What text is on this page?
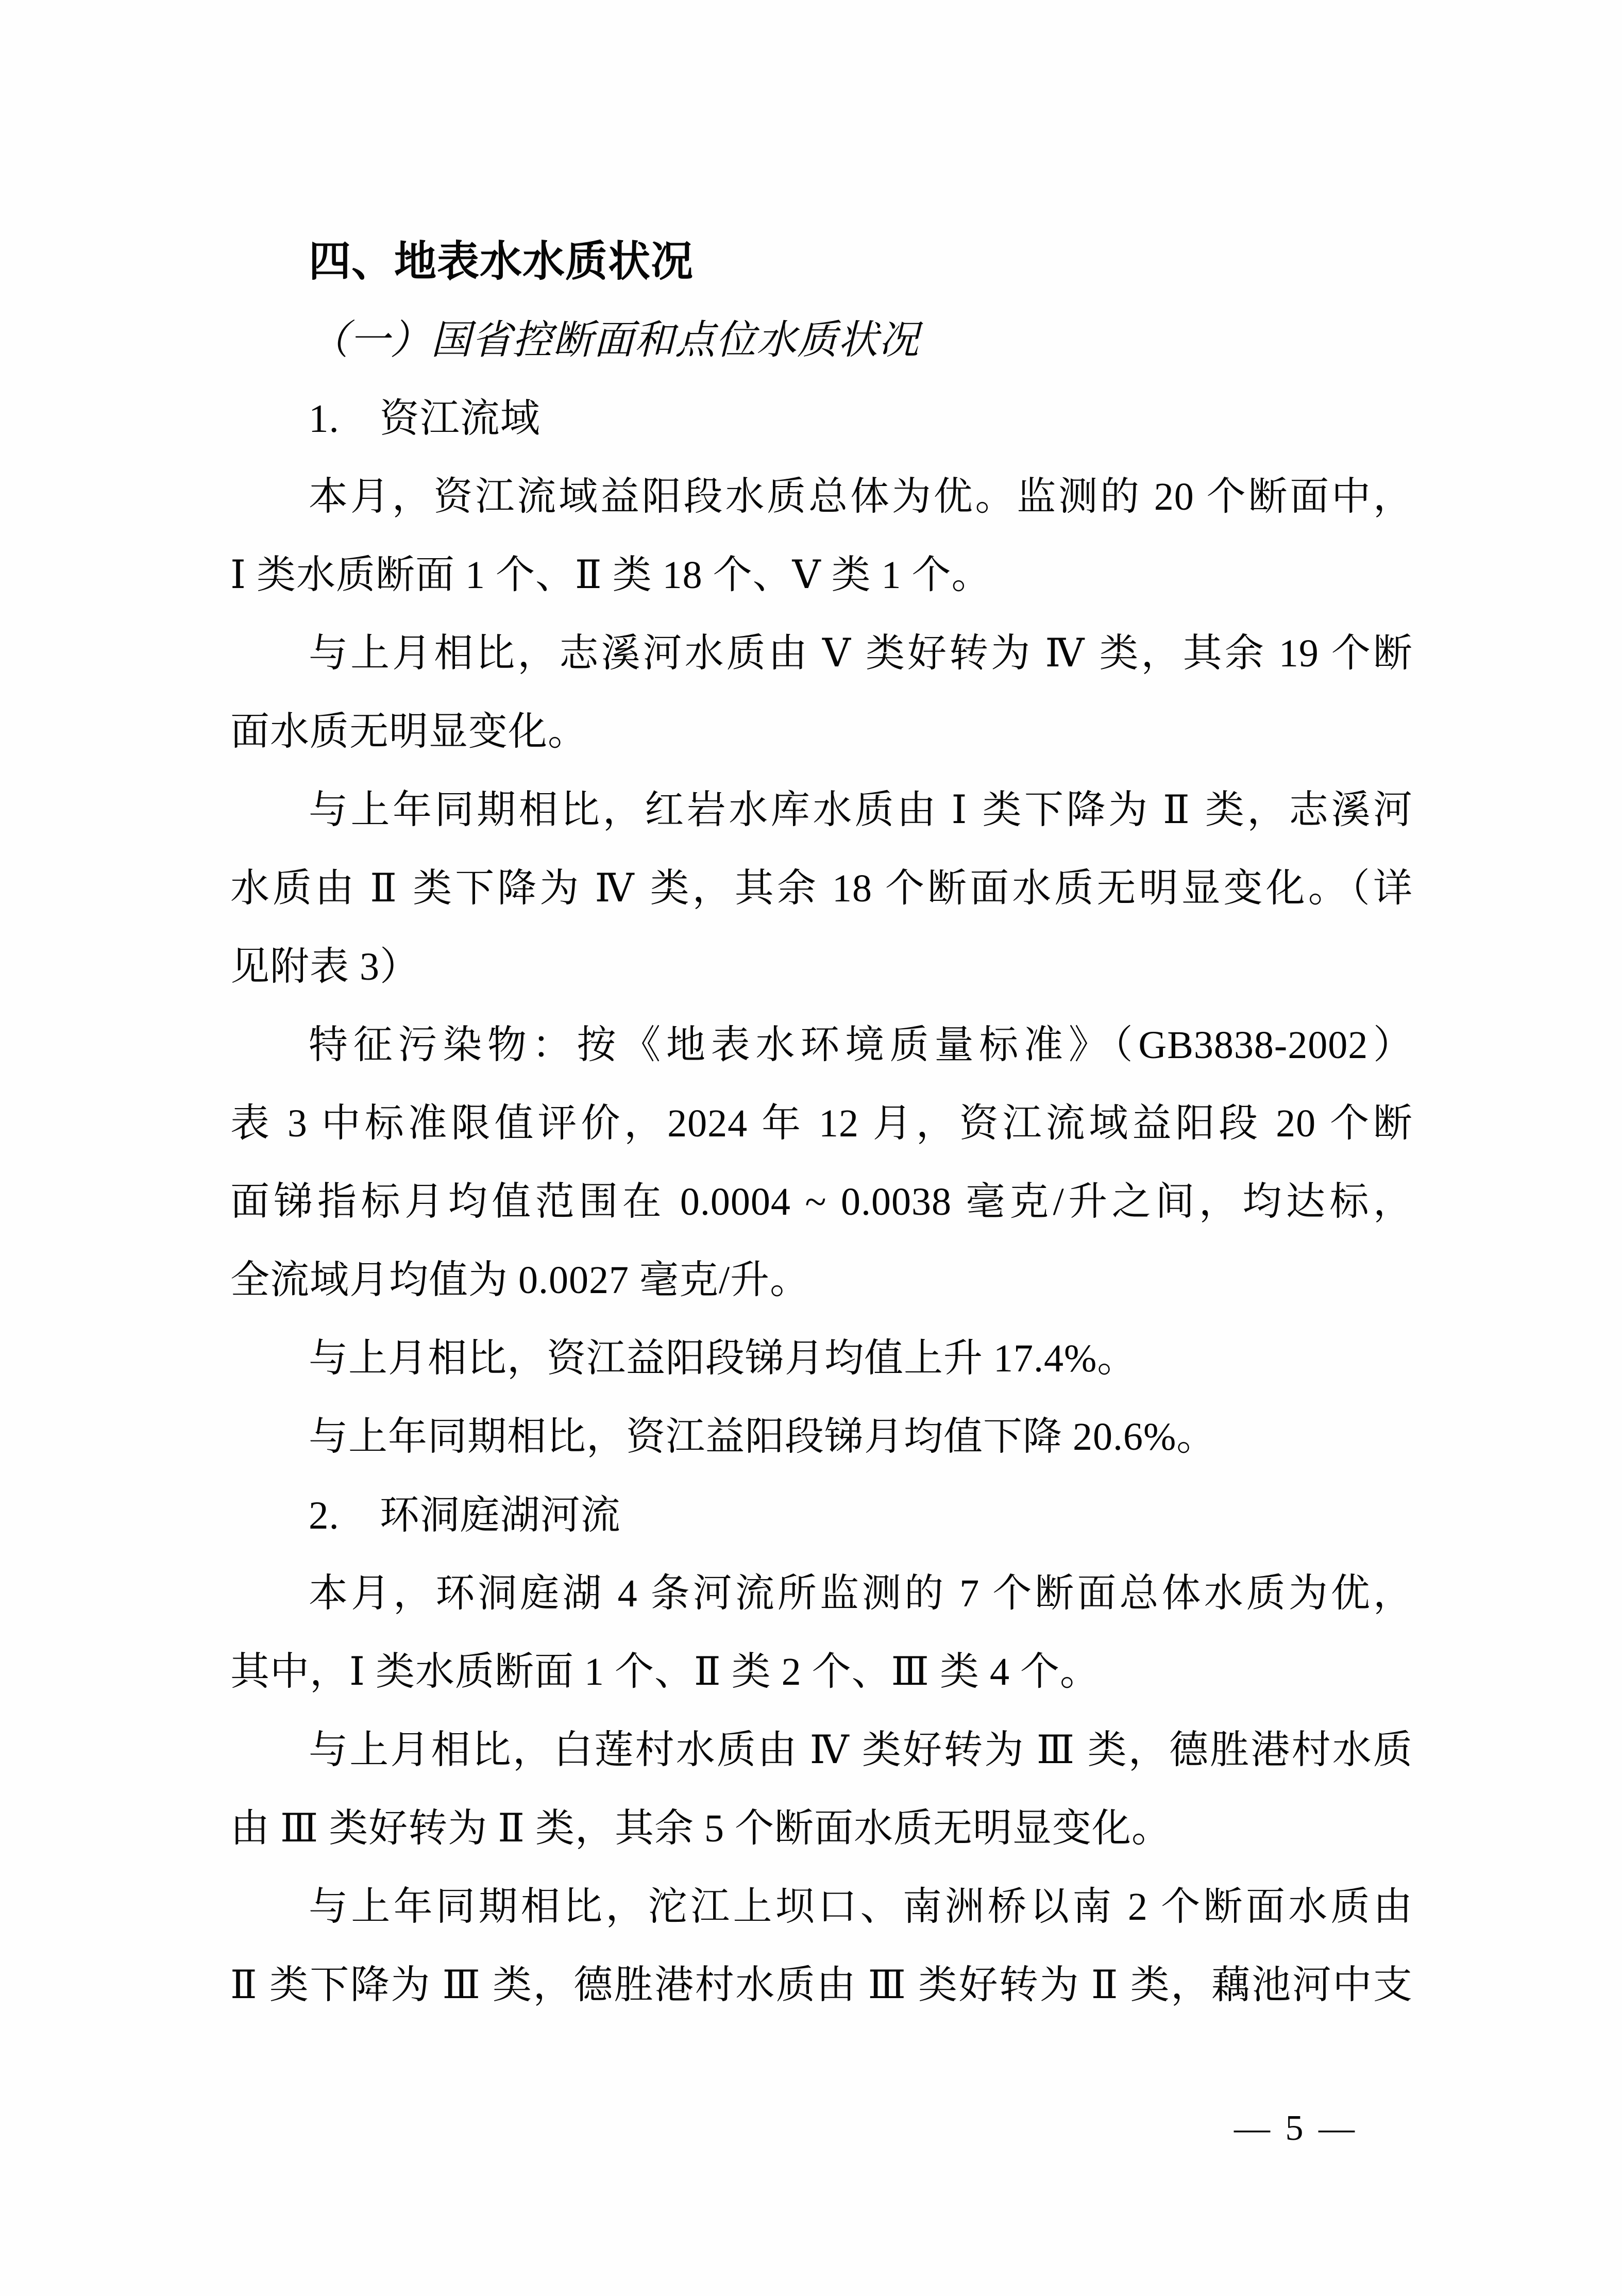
四、地表水水质状况
（一）国省控断面和点位水质状况
1.　资江流域
本月，资江流域益阳段水质总体为优。监测的 20 个断面中，
Ⅰ 类水质断面 1 个、Ⅱ 类 18 个、Ⅴ 类 1 个。
与上月相比，志溪河水质由 Ⅴ 类好转为 Ⅳ 类，其余 19 个断
面水质无明显变化。
与上年同期相比，红岩水库水质由 Ⅰ 类下降为 Ⅱ 类，志溪河
水质由 Ⅱ 类下降为 Ⅳ 类，其余 18 个断面水质无明显变化。（详
见附表 3）
特征污染物：按《地表水环境质量标准》（GB3838-2002）
表 3 中标准限值评价，2024 年 12 月，资江流域益阳段 20 个断
面锑指标月均值范围在 0.0004 ~ 0.0038 毫克/升之间，均达标，
全流域月均值为 0.0027 毫克/升。
与上月相比，资江益阳段锑月均值上升 17.4%。
与上年同期相比，资江益阳段锑月均值下降 20.6%。
2.　环洞庭湖河流
本月，环洞庭湖 4 条河流所监测的 7 个断面总体水质为优，
其中，Ⅰ 类水质断面 1 个、Ⅱ 类 2 个、Ⅲ 类 4 个。
与上月相比，白莲村水质由 Ⅳ 类好转为 Ⅲ 类，德胜港村水质
由 Ⅲ 类好转为 Ⅱ 类，其余 5 个断面水质无明显变化。
与上年同期相比，沱江上坝口、南洲桥以南 2 个断面水质由
Ⅱ 类下降为 Ⅲ 类，德胜港村水质由 Ⅲ 类好转为 Ⅱ 类，藕池河中支
— 5 —
